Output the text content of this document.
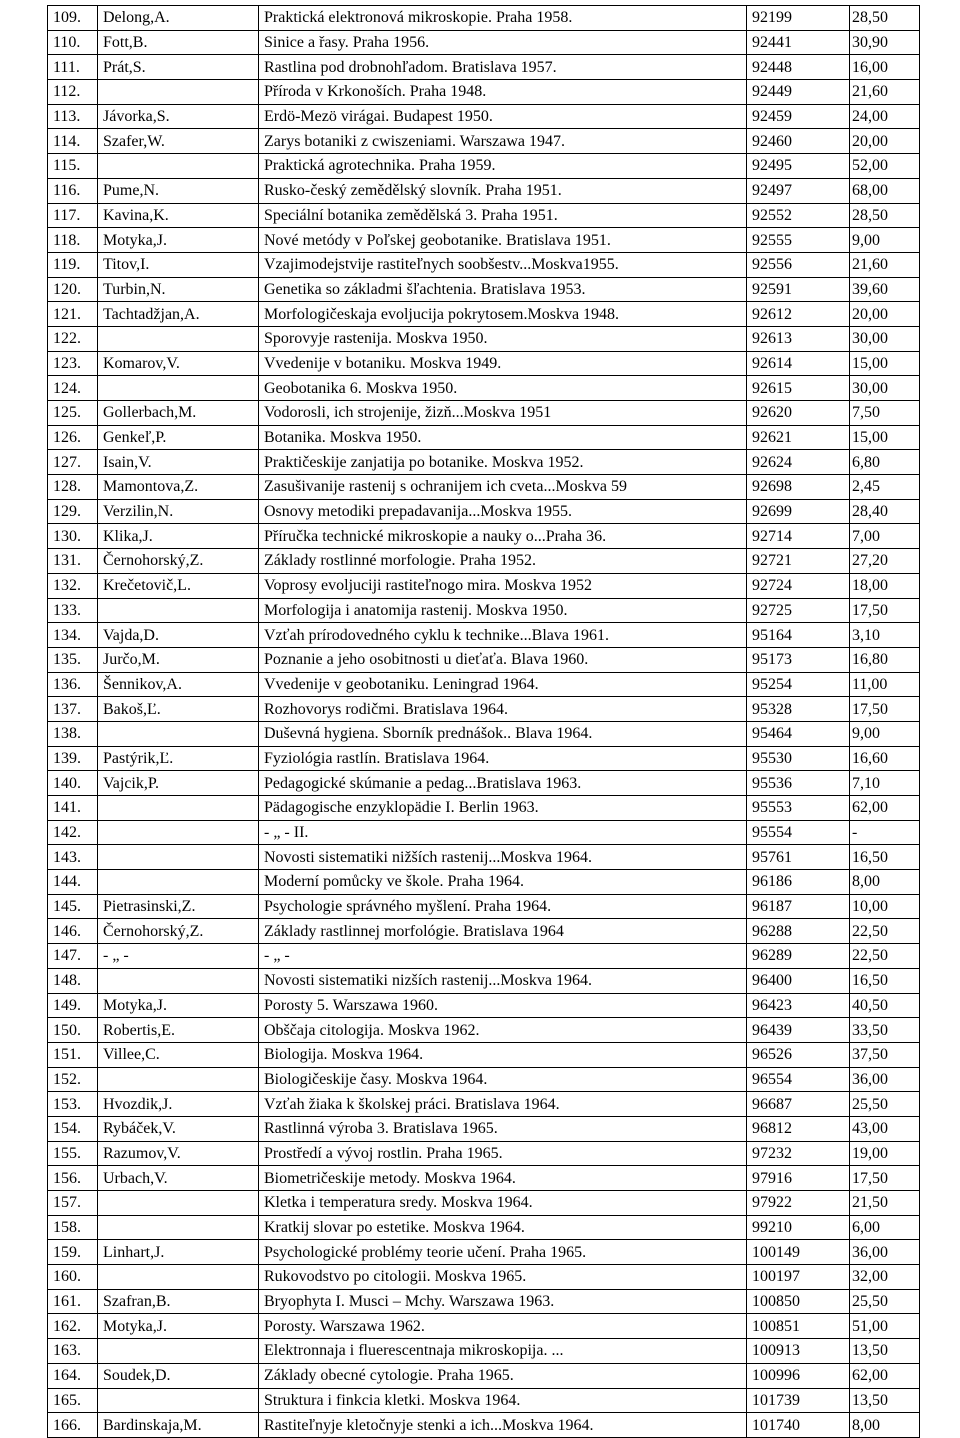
109.	Delong,A.	Praktická elektronová mikroskopie. Praha 1958.	92199	28,50
110.	Fott,B.	Sinice a řasy. Praha 1956.	92441	30,90
111.	Prát,S.	Rastlina pod drobnohľadom. Bratislava 1957.	92448	16,00
112.		Příroda v Krkonoších. Praha 1948.	92449	21,60
113.	Jávorka,S.	Erdö-Mezö virágai. Budapest 1950.	92459	24,00
114.	Szafer,W.	Zarys botaniki z cwiszeniami. Warszawa 1947.	92460	20,00
115.		Praktická agrotechnika. Praha 1959.	92495	52,00
116.	Pume,N.	Rusko-český zemědělský slovník. Praha 1951.	92497	68,00
117.	Kavina,K.	Speciální botanika zemědělská 3. Praha 1951.	92552	28,50
118.	Motyka,J.	Nové metódy v Poľskej geobotanike. Bratislava 1951.	92555	9,00
119.	Titov,I.	Vzajimodejstvije rastiteľnych soobšestv...Moskva1955.	92556	21,60
120.	Turbin,N.	Genetika so základmi šľachtenia. Bratislava 1953.	92591	39,60
121.	Tachtadžjan,A.	Morfologičeskaja evoljucija pokrytosem.Moskva 1948.	92612	20,00
122.		Sporovyje rastenija. Moskva 1950.	92613	30,00
123.	Komarov,V.	Vvedenije v botaniku. Moskva 1949.	92614	15,00
124.		Geobotanika 6. Moskva 1950.	92615	30,00
125.	Gollerbach,M.	Vodorosli, ich strojenije, žizň...Moskva 1951	92620	7,50
126.	Genkeľ,P.	Botanika. Moskva 1950.	92621	15,00
127.	Isain,V.	Praktičeskije zanjatija po botanike. Moskva 1952.	92624	6,80
128.	Mamontova,Z.	Zasušivanije rastenij s ochranijem ich cveta...Moskva 59	92698	2,45
129.	Verzilin,N.	Osnovy metodiki prepadavanija...Moskva 1955.	92699	28,40
130.	Klika,J.	Příručka technické mikroskopie a nauky o...Praha 36.	92714	7,00
131.	Černohorský,Z.	Základy rostlinné morfologie. Praha 1952.	92721	27,20
132.	Krečetovič,L.	Voprosy evoljuciji rastiteľnogo mira. Moskva 1952	92724	18,00
133.		Morfologija i anatomija rastenij. Moskva 1950.	92725	17,50
134.	Vajda,D.	Vzťah prírodovedného cyklu k technike...Blava 1961.	95164	3,10
135.	Jurčo,M.	Poznanie a jeho osobitnosti u dieťaťa. Blava 1960.	95173	16,80
136.	Šennikov,A.	Vvedenije v geobotaniku. Leningrad 1964.	95254	11,00
137.	Bakoš,Ľ.	Rozhovorys rodičmi. Bratislava 1964.	95328	17,50
138.		Duševná hygiena. Sborník prednášok.. Blava 1964.	95464	9,00
139.	Pastýrik,Ľ.	Fyziológia rastlín. Bratislava 1964.	95530	16,60
140.	Vajcik,P.	Pedagogické skúmanie a pedag...Bratislava 1963.	95536	7,10
141.		Pädagogische enzyklopädie I. Berlin 1963.	95553	62,00
142.		- „ - II.	95554	-
143.		Novosti sistematiki nižších rastenij...Moskva 1964.	95761	16,50
144.		Moderní pomůcky ve škole. Praha 1964.	96186	8,00
145.	Pietrasinski,Z.	Psychologie správného myšlení. Praha 1964.	96187	10,00
146.	Černohorský,Z.	Základy rastlinnej morfológie. Bratislava 1964	96288	22,50
147.	- „ -	- „ -	96289	22,50
148.		Novosti sistematiki nizších rastenij...Moskva 1964.	96400	16,50
149.	Motyka,J.	Porosty 5. Warszawa 1960.	96423	40,50
150.	Robertis,E.	Obščaja citologija. Moskva 1962.	96439	33,50
151.	Villee,C.	Biologija. Moskva 1964.	96526	37,50
152.		Biologičeskije časy. Moskva 1964.	96554	36,00
153.	Hvozdik,J.	Vzťah žiaka k školskej práci. Bratislava 1964.	96687	25,50
154.	Rybáček,V.	Rastlinná výroba 3. Bratislava 1965.	96812	43,00
155.	Razumov,V.	Prostředí a vývoj rostlin. Praha 1965.	97232	19,00
156.	Urbach,V.	Biometričeskije metody. Moskva 1964.	97916	17,50
157.		Kletka i temperatura sredy. Moskva 1964.	97922	21,50
158.		Kratkij slovar po estetike. Moskva 1964.	99210	6,00
159.	Linhart,J.	Psychologické problémy teorie učení. Praha 1965.	100149	36,00
160.		Rukovodstvo po citologii. Moskva 1965.	100197	32,00
161.	Szafran,B.	Bryophyta I. Musci – Mchy. Warszawa 1963.	100850	25,50
162.	Motyka,J.	Porosty. Warszawa 1962.	100851	51,00
163.		Elektronnaja i fluerescentnaja mikroskopija. ...	100913	13,50
164.	Soudek,D.	Základy obecné cytologie. Praha 1965.	100996	62,00
165.		Struktura i finkcia kletki. Moskva 1964.	101739	13,50
166.	Bardinskaja,M.	Rastiteľnyje kletočnyje stenki a ich...Moskva 1964.	101740	8,00
